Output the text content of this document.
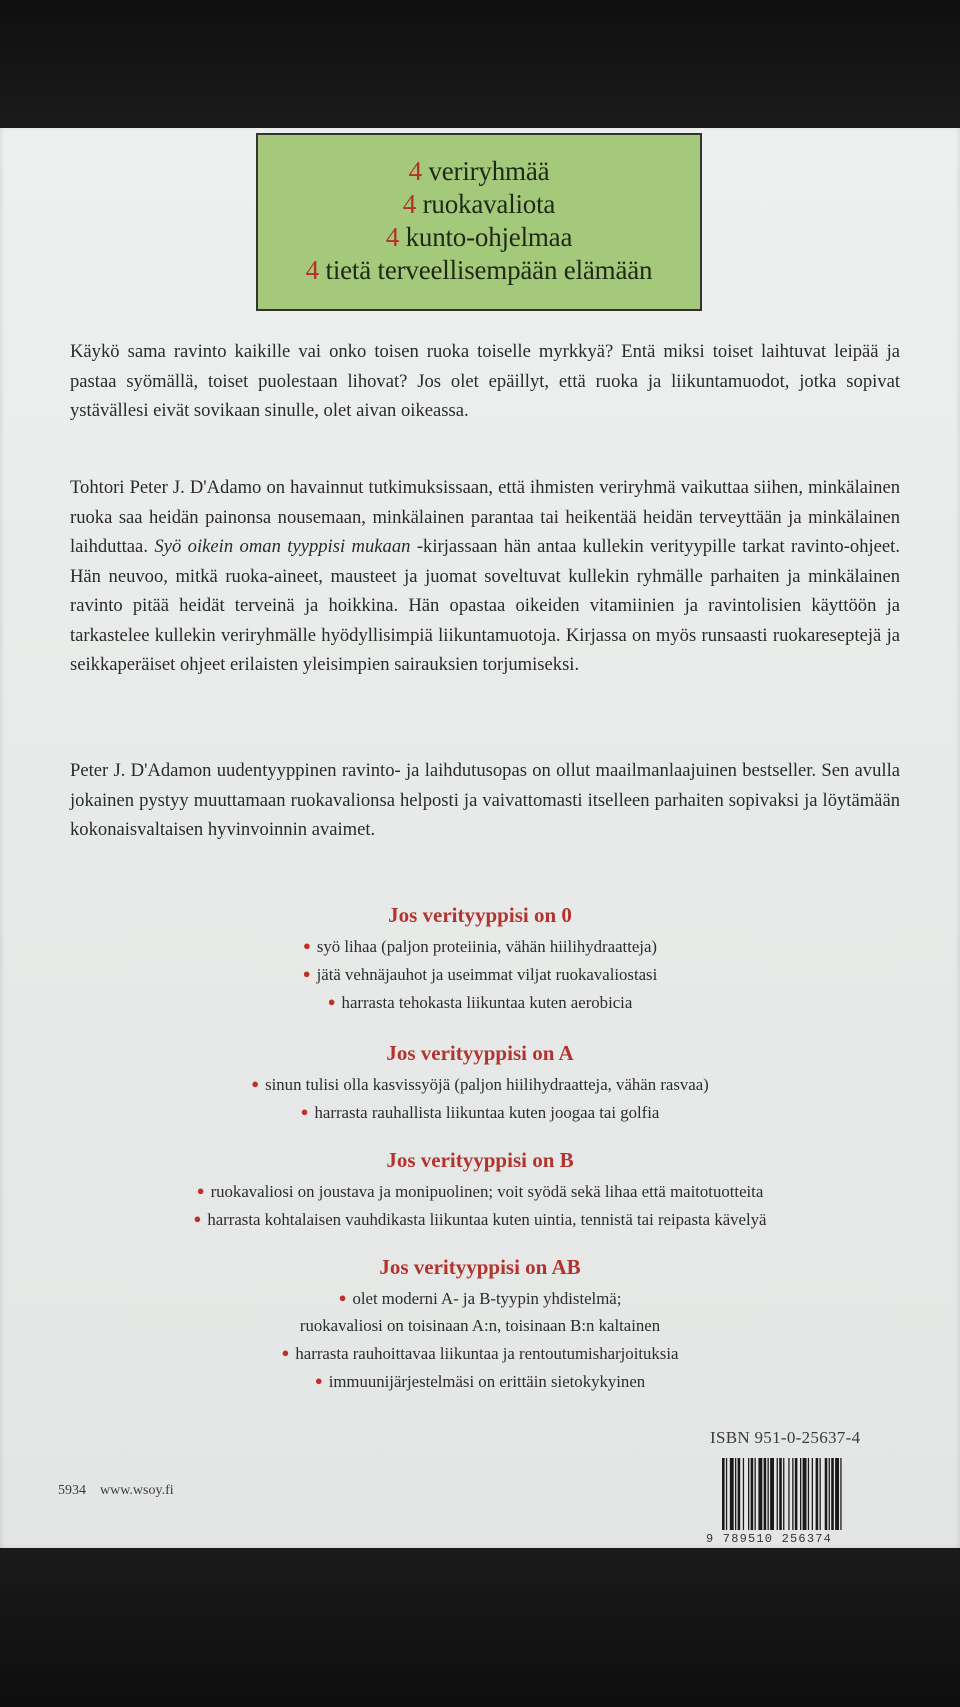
4 veriryhmää
4 ruokavaliota
4 kunto-ohjelmaa
4 tietä terveellisempään elämään

Käykö sama ravinto kaikille vai onko toisen ruoka toiselle myrkkyä? Entä miksi toiset laihtuvat leipää ja pastaa syömällä, toiset puolestaan lihovat? Jos olet epäillyt, että ruoka ja liikuntamuodot, jotka sopivat ystävällesi eivät sovikaan sinulle, olet aivan oikeassa.

Tohtori Peter J. D'Adamo on havainnut tutkimuksissaan, että ihmisten veriryhmä vaikuttaa siihen, minkälainen ruoka saa heidän painonsa nousemaan, minkälainen parantaa tai heikentää heidän terveyttään ja minkälainen laihduttaa. Syö oikein oman tyyppisi mukaan -kirjassaan hän antaa kullekin verityypille tarkat ravinto-ohjeet. Hän neuvoo, mitkä ruoka-aineet, mausteet ja juomat soveltuvat kullekin ryhmälle parhaiten ja minkälainen ravinto pitää heidät terveinä ja hoikkina. Hän opastaa oikeiden vitamiinien ja ravintolisien käyttöön ja tarkastelee kullekin veriryhmälle hyödyllisimpiä liikuntamuotoja. Kirjassa on myös runsaasti ruokareseptejä ja seikkaperäiset ohjeet erilaisten yleisimpien sairauksien torjumiseksi.

Peter J. D'Adamon uudentyyppinen ravinto- ja laihdutusopas on ollut maailmanlaajuinen bestseller. Sen avulla jokainen pystyy muuttamaan ruokavalionsa helposti ja vaivattomasti itselleen parhaiten sopivaksi ja löytämään kokonaisvaltaisen hyvinvoinnin avaimet.

Jos verityyppisi on 0
● syö lihaa (paljon proteiinia, vähän hiilihydraatteja)
● jätä vehnäjauhot ja useimmat viljat ruokavaliostasi
● harrasta tehokasta liikuntaa kuten aerobicia
Jos verityyppisi on A
● sinun tulisi olla kasvissyöjä (paljon hiilihydraatteja, vähän rasvaa)
● harrasta rauhallista liikuntaa kuten joogaa tai golfia
Jos verityyppisi on B
● ruokavaliosi on joustava ja monipuolinen; voit syödä sekä lihaa että maitotuotteita
● harrasta kohtalaisen vauhdikasta liikuntaa kuten uintia, tennistä tai reipasta kävelyä
Jos verityyppisi on AB
● olet moderni A- ja B-tyypin yhdistelmä;
ruokavaliosi on toisinaan A:n, toisinaan B:n kaltainen
● harrasta rauhoittavaa liikuntaa ja rentoutumisharjoituksia
● immuunijärjestelmäsi on erittäin sietokykyinen
5934 www.wsoy.fi
ISBN 951-0-25637-4
9 789510 256374
